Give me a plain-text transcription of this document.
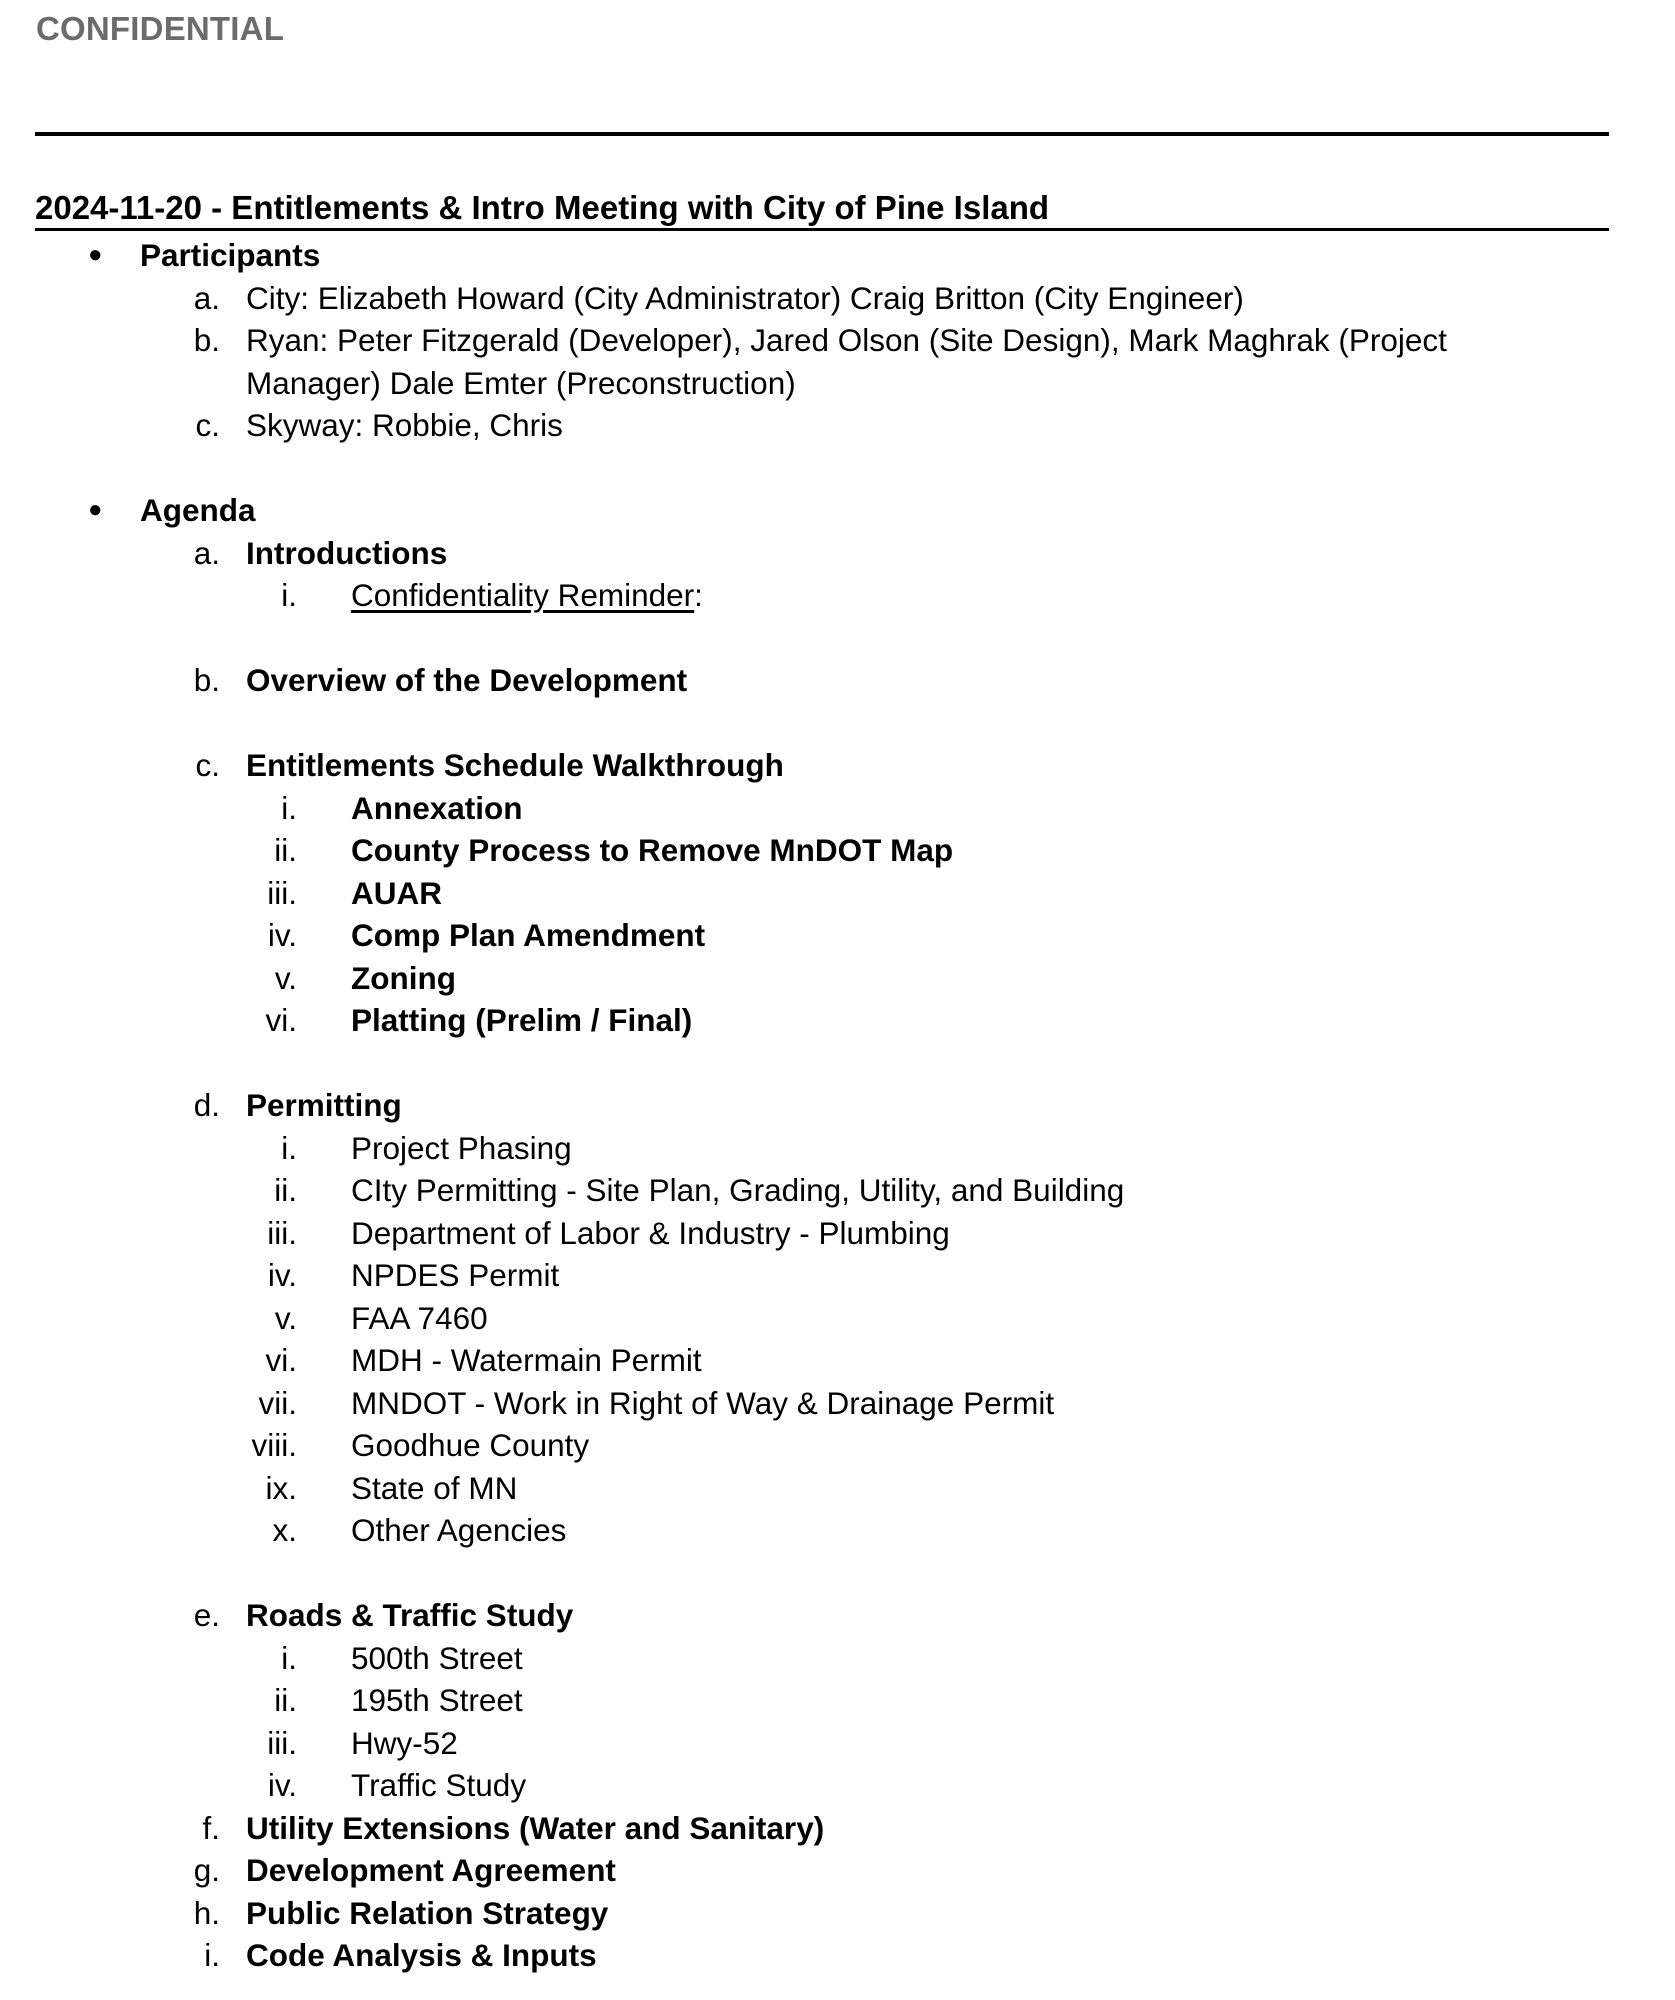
CONFIDENTIAL
2024-11-20 - Entitlements & Intro Meeting with City of Pine Island
● Participants
a. City: Elizabeth Howard (City Administrator) Craig Britton (City Engineer)
b. Ryan: Peter Fitzgerald (Developer), Jared Olson (Site Design), Mark Maghrak (Project
Manager) Dale Emter (Preconstruction)
c. Skyway: Robbie, Chris
● Agenda
a. Introductions
i. Confidentiality Reminder:
b. Overview of the Development
c. Entitlements Schedule Walkthrough
i. Annexation
ii. County Process to Remove MnDOT Map
iii. AUAR
iv. Comp Plan Amendment
v. Zoning
vi. Platting (Prelim / Final)
d. Permitting
i. Project Phasing
ii. CIty Permitting - Site Plan, Grading, Utility, and Building
iii. Department of Labor & Industry - Plumbing
iv. NPDES Permit
v. FAA 7460
vi. MDH - Watermain Permit
vii. MNDOT - Work in Right of Way & Drainage Permit
viii. Goodhue County
ix. State of MN
x. Other Agencies
e. Roads & Traffic Study
i. 500th Street
ii. 195th Street
iii. Hwy-52
iv. Traffic Study
f. Utility Extensions (Water and Sanitary)
g. Development Agreement
h. Public Relation Strategy
i. Code Analysis & Inputs
